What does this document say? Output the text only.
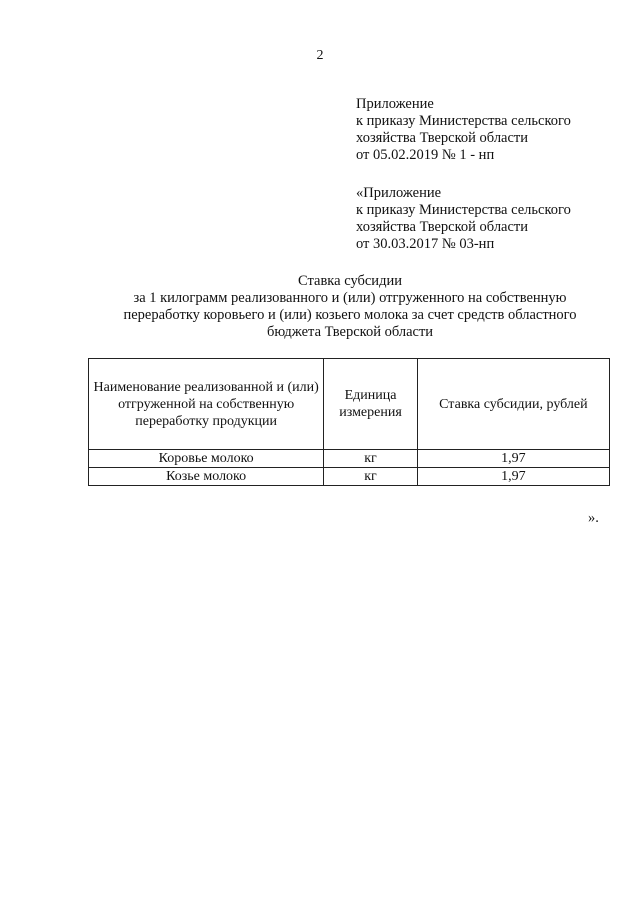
2
Приложение
к приказу Министерства сельского
хозяйства Тверской области
от 05.02.2019 № 1 - нп
«Приложение
к приказу Министерства сельского
хозяйства Тверской области
от 30.03.2017 № 03-нп
Ставка субсидии
за 1 килограмм реализованного и (или) отгруженного на собственную
переработку коровьего и (или) козьего молока за счет средств областного
бюджета Тверской области
Наименование реализованной и (или) отгруженной на собственную переработку продукции	Единица измерения	Ставка субсидии, рублей
Коровье молоко	кг	1,97
Козье молоко	кг	1,97
».
